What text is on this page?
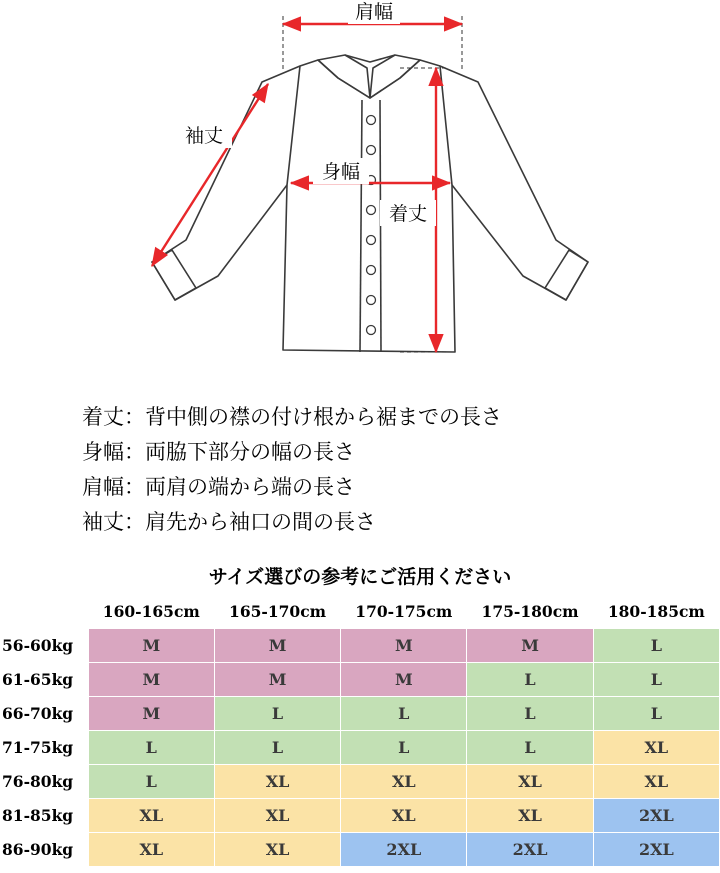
肩幅
袖丈
身幅
着丈
着丈：背中側の襟の付け根から裾までの長さ
身幅：両脇下部分の幅の長さ
肩幅：両肩の端から端の長さ
袖丈：肩先から袖口の間の長さ
サイズ選びの参考にご活用ください
	160-165cm	165-170cm	170-175cm	175-180cm	180-185cm
56-60kg	M	M	M	M	L
61-65kg	M	M	M	L	L
66-70kg	M	L	L	L	L
71-75kg	L	L	L	L	XL
76-80kg	L	XL	XL	XL	XL
81-85kg	XL	XL	XL	XL	2XL
86-90kg	XL	XL	2XL	2XL	2XL
